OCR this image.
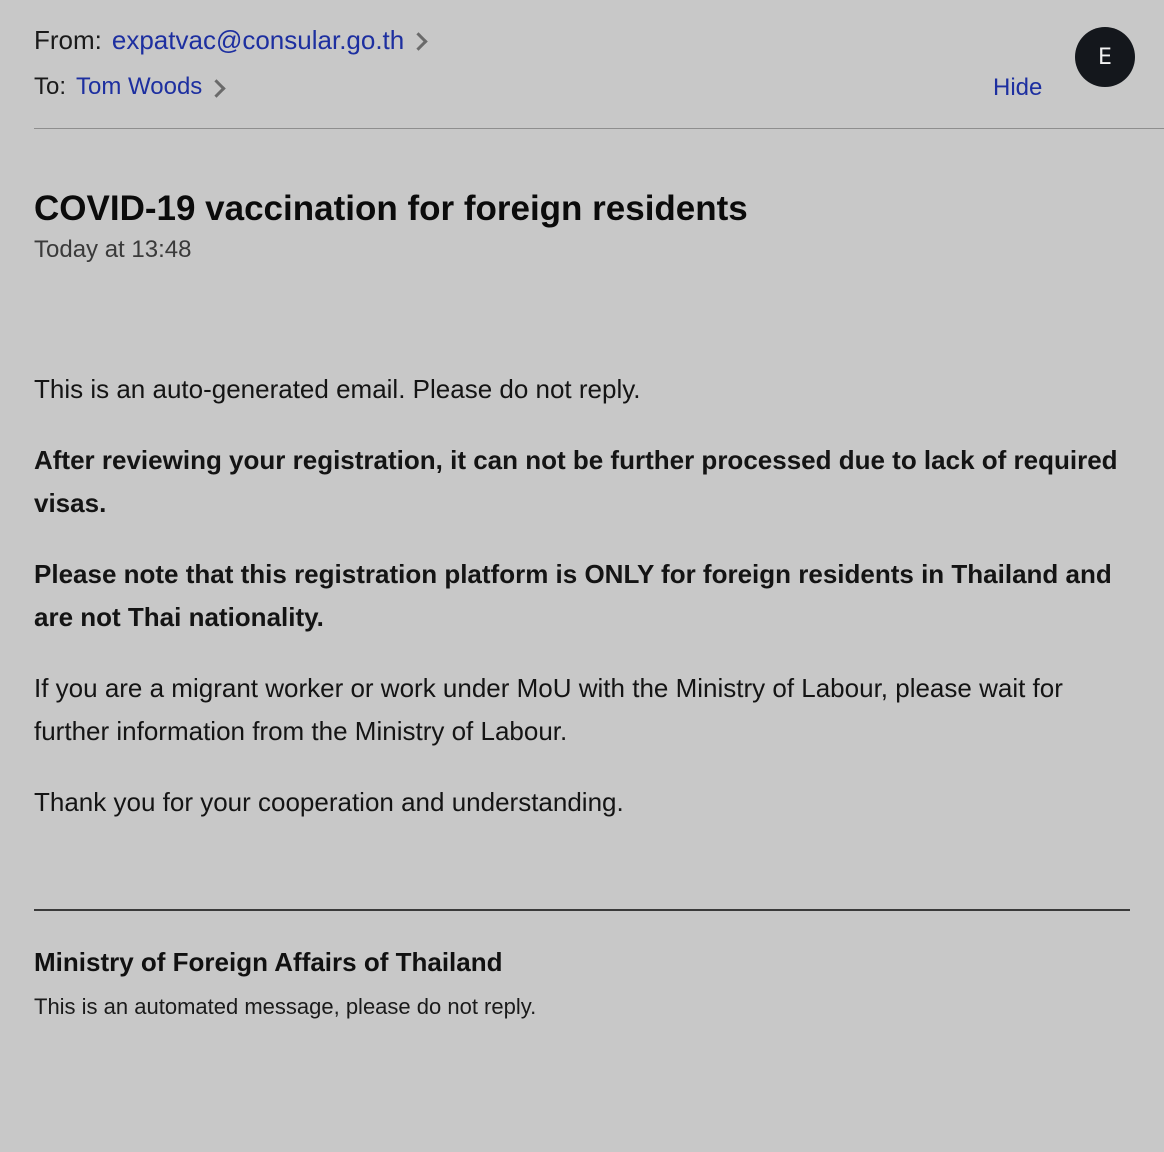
From: expatvac@consular.go.th
To: Tom Woods	Hide
E
COVID-19 vaccination for foreign residents
Today at 13:48
This is an auto-generated email. Please do not reply.
After reviewing your registration, it can not be further processed due to lack of required visas.
Please note that this registration platform is ONLY for foreign residents in Thailand and are not Thai nationality.
If you are a migrant worker or work under MoU with the Ministry of Labour, please wait for further information from the Ministry of Labour.
Thank you for your cooperation and understanding.
Ministry of Foreign Affairs of Thailand
This is an automated message, please do not reply.
